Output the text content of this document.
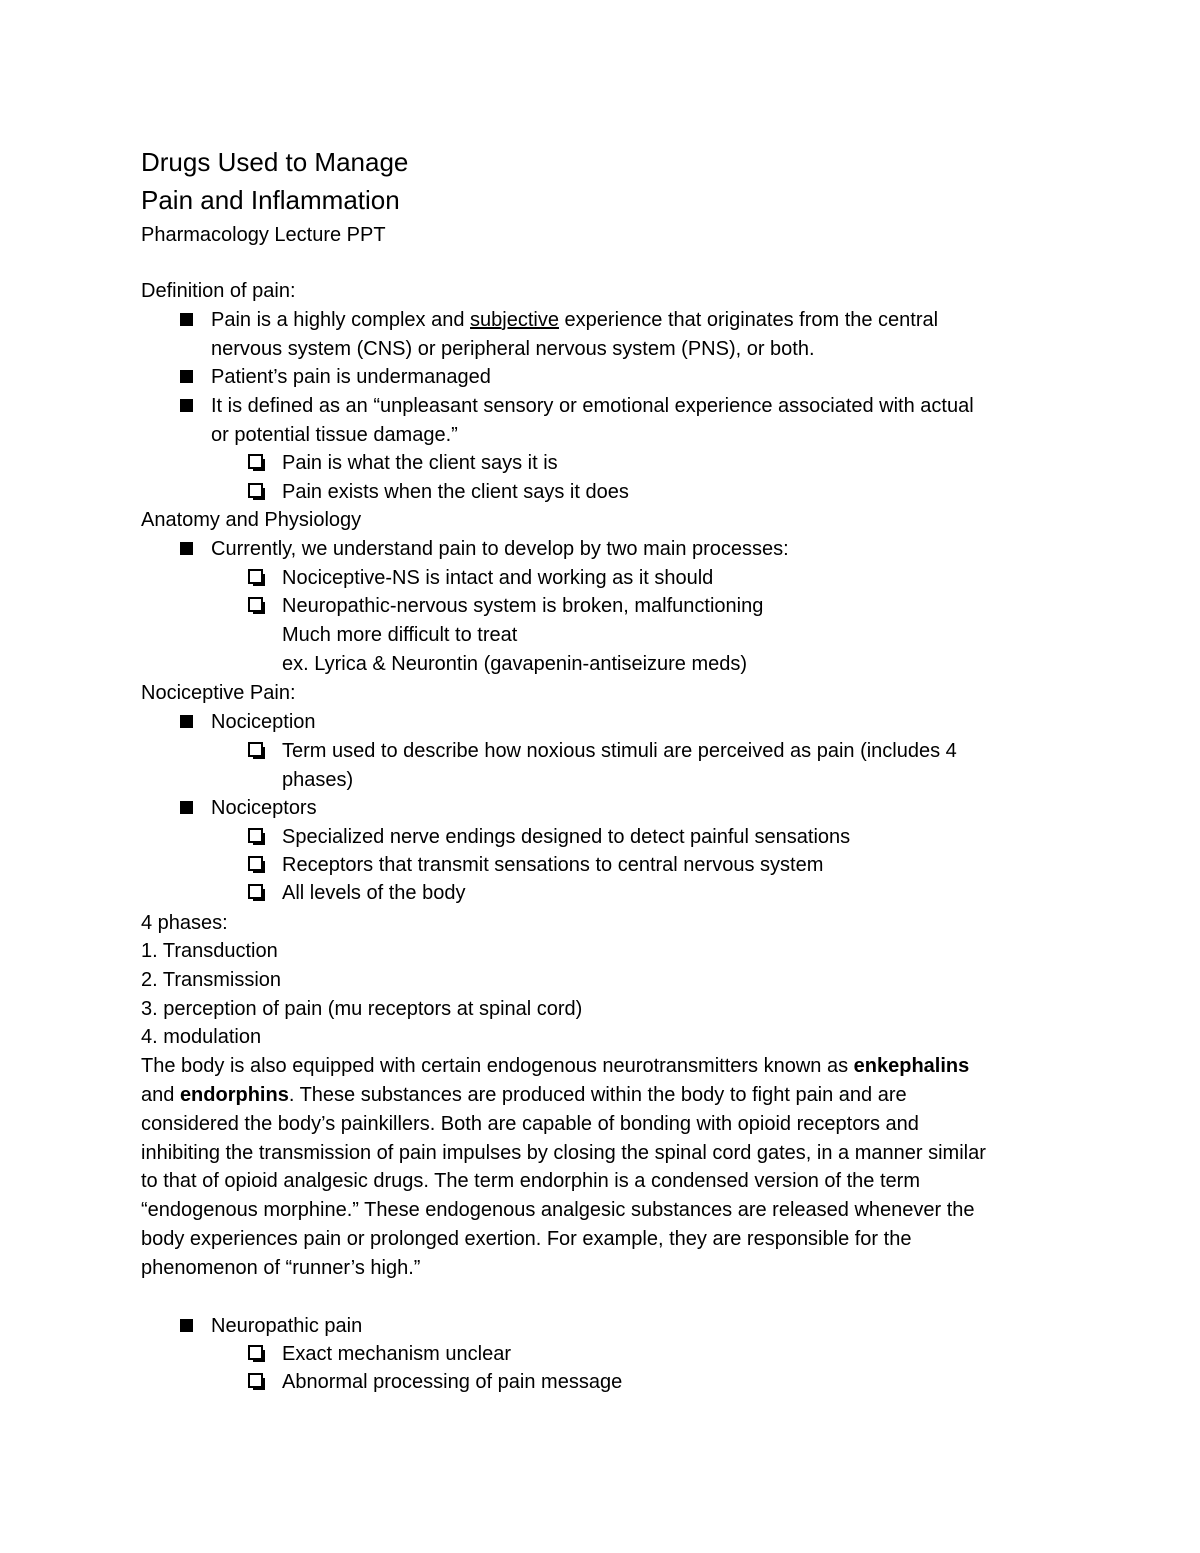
Drugs Used to Manage
Pain and Inflammation
Pharmacology Lecture PPT
Definition of pain:
Pain is a highly complex and subjective experience that originates from the central
nervous system (CNS) or peripheral nervous system (PNS), or both.
Patient’s pain is undermanaged
It is defined as an “unpleasant sensory or emotional experience associated with actual
or potential tissue damage.”
Pain is what the client says it is
Pain exists when the client says it does
Anatomy and Physiology
Currently, we understand pain to develop by two main processes:
Nociceptive-NS is intact and working as it should
Neuropathic-nervous system is broken, malfunctioning
Much more difficult to treat
ex. Lyrica & Neurontin (gavapenin-antiseizure meds)
Nociceptive Pain:
Nociception
Term used to describe how noxious stimuli are perceived as pain (includes 4
phases)
Nociceptors
Specialized nerve endings designed to detect painful sensations
Receptors that transmit sensations to central nervous system
All levels of the body
4 phases:
1. Transduction
2. Transmission
3. perception of pain (mu receptors at spinal cord)
4. modulation
The body is also equipped with certain endogenous neurotransmitters known as enkephalins
and endorphins. These substances are produced within the body to fight pain and are
considered the body’s painkillers. Both are capable of bonding with opioid receptors and
inhibiting the transmission of pain impulses by closing the spinal cord gates, in a manner similar
to that of opioid analgesic drugs. The term endorphin is a condensed version of the term
“endogenous morphine.” These endogenous analgesic substances are released whenever the
body experiences pain or prolonged exertion. For example, they are responsible for the
phenomenon of “runner’s high.”
Neuropathic pain
Exact mechanism unclear
Abnormal processing of pain message
